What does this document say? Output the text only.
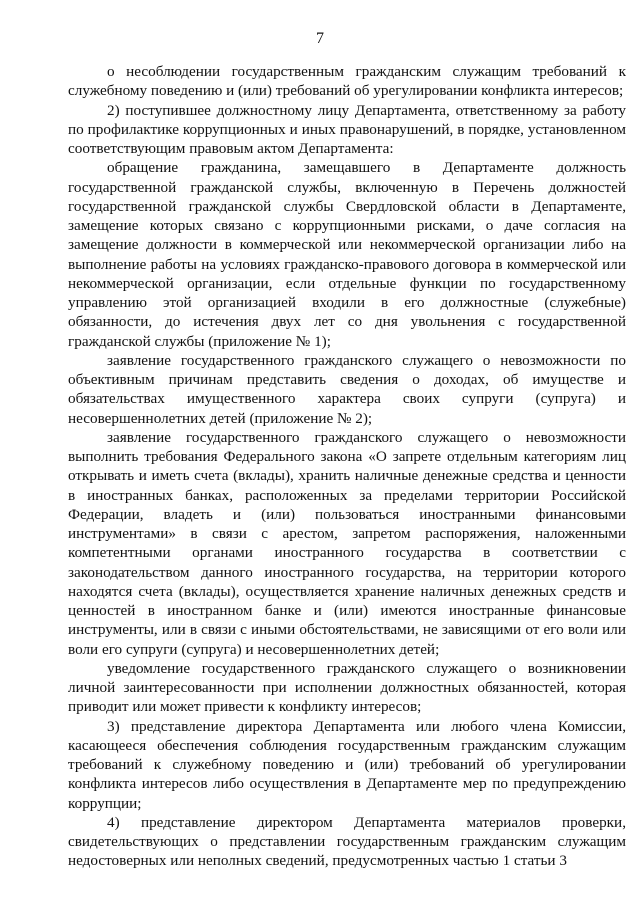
7

о несоблюдении государственным гражданским служащим требований к служебному поведению и (или) требований об урегулировании конфликта интересов;

2) поступившее должностному лицу Департамента, ответственному за работу по профилактике коррупционных и иных правонарушений, в порядке, установленном соответствующим правовым актом Департамента:

обращение гражданина, замещавшего в Департаменте должность государственной гражданской службы, включенную в Перечень должностей государственной гражданской службы Свердловской области в Департаменте, замещение которых связано с коррупционными рисками, о даче согласия на замещение должности в коммерческой или некоммерческой организации либо на выполнение работы на условиях гражданско-правового договора в коммерческой или некоммерческой организации, если отдельные функции по государственному управлению этой организацией входили в его должностные (служебные) обязанности, до истечения двух лет со дня увольнения с государственной гражданской службы (приложение № 1);

заявление государственного гражданского служащего о невозможности по объективным причинам представить сведения о доходах, об имуществе и обязательствах имущественного характера своих супруги (супруга) и несовершеннолетних детей (приложение № 2);

заявление государственного гражданского служащего о невозможности выполнить требования Федерального закона «О запрете отдельным категориям лиц открывать и иметь счета (вклады), хранить наличные денежные средства и ценности в иностранных банках, расположенных за пределами территории Российской Федерации, владеть и (или) пользоваться иностранными финансовыми инструментами» в связи с арестом, запретом распоряжения, наложенными компетентными органами иностранного государства в соответствии с законодательством данного иностранного государства, на территории которого находятся счета (вклады), осуществляется хранение наличных денежных средств и ценностей в иностранном банке и (или) имеются иностранные финансовые инструменты, или в связи с иными обстоятельствами, не зависящими от его воли или воли его супруги (супруга) и несовершеннолетних детей;

уведомление государственного гражданского служащего о возникновении личной заинтересованности при исполнении должностных обязанностей, которая приводит или может привести к конфликту интересов;

3) представление директора Департамента или любого члена Комиссии, касающееся обеспечения соблюдения государственным гражданским служащим требований к служебному поведению и (или) требований об урегулировании конфликта интересов либо осуществления в Департаменте мер по предупреждению коррупции;

4) представление директором Департамента материалов проверки, свидетельствующих о представлении государственным гражданским служащим недостоверных или неполных сведений, предусмотренных частью 1 статьи 3
